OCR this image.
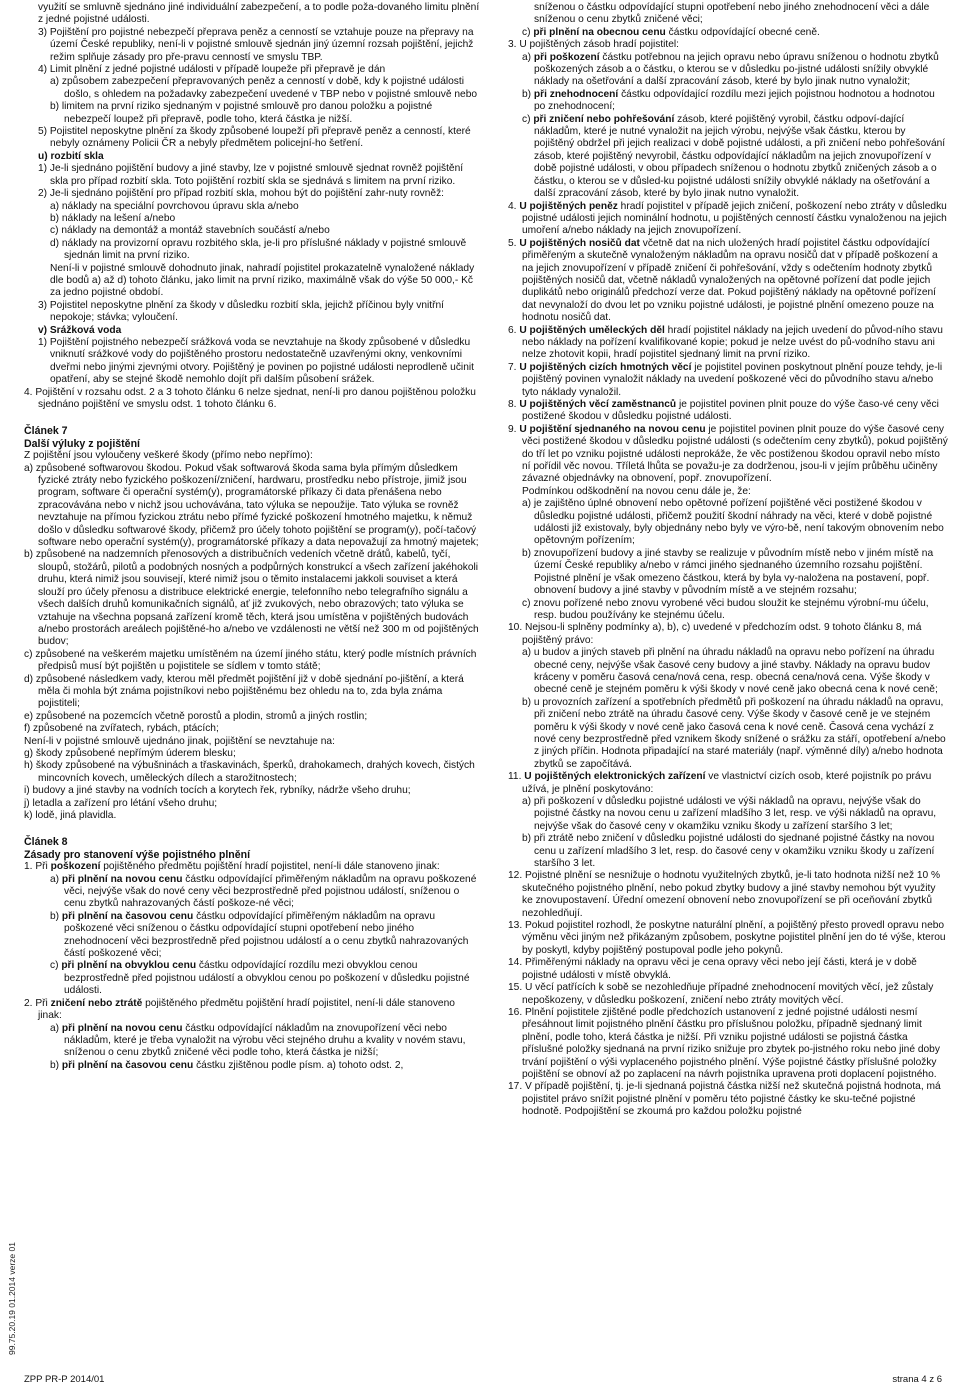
využití se smluvně sjednáno jiné individuální zabezpečení, a to podle poža-dovaného limitu plnění z jedné pojistné události.

3) Pojištění pro pojistné nebezpečí přeprava peněz a cenností se vztahuje pouze na přepravy na území České republiky, není-li v pojistné smlouvě sjednán jiný územní rozsah pojištění, jejichž režim splňuje zásady pro pře-pravu cenností ve smyslu TBP.

4) Limit plnění z jedné pojistné události v případě loupeže při přepravě je dán

a) způsobem zabezpečení přepravovaných peněz a cenností v době, kdy k pojistné události došlo, s ohledem na požadavky zabezpečení uvedené v TBP nebo v pojistné smlouvě nebo

b) limitem na první riziko sjednaným v pojistné smlouvě pro danou položku a pojistné nebezpečí loupež při přepravě, podle toho, která částka je nižší.

5) Pojistitel neposkytne plnění za škody způsobené loupeží při přepravě peněz a cenností, které nebyly oznámeny Policii ČR a nebyly předmětem policejní-ho šetření.

u) rozbití skla

1) Je-li sjednáno pojištění budovy a jiné stavby, lze v pojistné smlouvě sjednat rovněž pojištění skla pro případ rozbití skla. Toto pojištění rozbití skla se sjednává s limitem na první riziko.

2) Je-li sjednáno pojištění pro případ rozbití skla, mohou být do pojištění zahr-nuty rovněž:

a) náklady na speciální povrchovou úpravu skla a/nebo

b) náklady na lešení a/nebo

c) náklady na demontáž a montáž stavebních součástí a/nebo

d) náklady na provizorní opravu rozbitého skla, je-li pro příslušné náklady v pojistné smlouvě sjednán limit na první riziko.

Není-li v pojistné smlouvě dohodnuto jinak, nahradí pojistitel prokazatelně vynaložené náklady dle bodů a) až d) tohoto článku, jako limit na první riziko, maximálně však do výše 50 000,- Kč za jedno pojistné období.

3) Pojistitel neposkytne plnění za škody v důsledku rozbití skla, jejichž příčinou byly vnitřní nepokoje; stávka; vyloučení.

v) Srážková voda

1) Pojištění pojistného nebezpečí srážková voda se nevztahuje na škody způsobené v důsledku vniknutí srážkové vody do pojištěného prostoru nedostatečně uzavřenými okny, venkovními dveřmi nebo jinými zjevnými otvory. Pojištěný je povinen po pojistné události neprodleně učinit opatření, aby se stejné škodě nemohlo dojít při dalším působení srážek.

4. Pojištění v rozsahu odst. 2 a 3 tohoto článku 6 nelze sjednat, není-li pro danou pojištěnou položku sjednáno pojištění ve smyslu odst. 1 tohoto článku 6.

Článek 7

Další výluky z pojištění

Z pojištění jsou vyloučeny veškeré škody (přímo nebo nepřímo):

a) způsobené softwarovou škodou. Pokud však softwarová škoda sama byla přímým důsledkem fyzické ztráty nebo fyzického poškození/zničení, hardwaru, prostředku nebo přístroje, jimiž jsou program, software či operační systém(y), programátorské příkazy či data přenášena nebo zpracovávána nebo v nichž jsou uchovávána, tato výluka se nepoužije. Tato výluka se rovněž nevztahuje na přímou fyzickou ztrátu nebo přímé fyzické poškození hmotného majetku, k němuž došlo v důsledku softwarové škody, přičemž pro účely tohoto pojištění se program(y), počí-tačový software nebo operační systém(y), programátorské příkazy a data nepovažují za hmotný majetek;

b) způsobené na nadzemních přenosových a distribučních vedeních včetně drátů, kabelů, tyčí, sloupů, stožárů, pilotů a podobných nosných a podpůrných konstrukcí a všech zařízení jakéhokoli druhu, která nimiž jsou souvisejí, které nimiž jsou o těmito instalacemi jakkoli souviset a která slouží pro účely přenosu a distribuce elektrické energie, telefonního nebo telegrafního signálu a všech dalších druhů komunikačních signálů, ať již zvukových, nebo obrazových; tato výluka se vztahuje na všechna popsaná zařízení kromě těch, která jsou umístěna v pojištěných budovách a/nebo prostorách areálech pojištěné-ho a/nebo ve vzdálenosti ne větší než 300 m od pojištěných budov;

c) způsobené na veškerém majetku umístěném na území jiného státu, který podle místních právních předpisů musí být pojištěn u pojistitele se sídlem v tomto státě;

d) způsobené následkem vady, kterou měl předmět pojištění již v době sjednání po-jištění, a která měla či mohla být známa pojistníkovi nebo pojištěnému bez ohledu na to, zda byla známa pojistiteli;

e) způsobené na pozemcích včetně porostů a plodin, stromů a jiných rostlin;

f) způsobené na zvířatech, rybách, ptácích;

Není-li v pojistné smlouvě ujednáno jinak, pojištění se nevztahuje na:

g) škody způsobené nepřímým úderem blesku;

h) škody způsobené na výbušninách a třaskavinách, šperků, drahokamech, drahých kovech, čistých mincovních kovech, uměleckých dílech a starožitnostech;

i) budovy a jiné stavby na vodních tocích a korytech řek, rybníky, nádrže všeho druhu;

j) letadla a zařízení pro létání všeho druhu;

k) lodě, jiná plavidla.

Článek 8

Zásady pro stanovení výše pojistného plnění

1. Při poškození pojištěného předmětu pojištění hradí pojistitel, není-li dále stanoveno jinak:

a) při plnění na novou cenu částku odpovídající přiměřeným nákladům na opravu poškozené věci, nejvýše však do nové ceny věci bezprostředně před pojistnou událostí, sníženou o cenu zbytků nahrazovaných částí poškoze-né věci;

b) při plnění na časovou cenu částku odpovídající přiměřeným nákladům na opravu poškozené věci sníženou o částku odpovídající stupni opotřebení nebo jiného znehodnocení věci bezprostředně před pojistnou událostí a o cenu zbytků nahrazovaných částí poškozené věci;

c) při plnění na obvyklou cenu částku odpovídající rozdílu mezi obvyklou cenou bezprostředně před pojistnou událostí a obvyklou cenou po poškození v důsledku pojistné události.

2. Při zničení nebo ztrátě pojištěného předmětu pojištění hradí pojistitel, není-li dále stanoveno jinak:

a) při plnění na novou cenu částku odpovídající nákladům na znovupořízení věci nebo nákladům, které je třeba vynaložit na výrobu věci stejného druhu a kvality v novém stavu, sníženou o cenu zbytků zničené věci podle toho, která částka je nižší;

b) při plnění na časovou cenu částku zjištěnou podle písm. a) tohoto odst. 2,

sníženou o částku odpovídající stupni opotřebení nebo jiného znehodnocení věci a dále sníženou o cenu zbytků zničené věci;

c) při plnění na obecnou cenu částku odpovídající obecné ceně.

3. U pojištěných zásob hradí pojistitel:

a) při poškození částku potřebnou na jejich opravu nebo úpravu sníženou o hodnotu zbytků poškozených zásob a o částku, o kterou se v důsledku po-jistné události snížily obvyklé náklady na ošetřování a další zpracování zásob, které by bylo jinak nutno vynaložit;

b) při znehodnocení částku odpovídající rozdílu mezi jejich pojistnou hodnotou a hodnotou po znehodnocení;

c) při zničení nebo pohřešování zásob, které pojištěný vyrobil, částku odpoví-dající nákladům, které je nutné vynaložit na jejich výrobu, nejvýše však částku, kterou by pojištěný obdržel při jejich realizaci v době pojistné události, a při zničení nebo pohřešování zásob, které pojištěný nevyrobil, částku odpovídající nákladům na jejich znovupořízení v době pojistné události, v obou případech sníženou o hodnotu zbytků zničených zásob a o částku, o kterou se v důsled-ku pojistné události snížily obvyklé náklady na ošetřování a další zpracování zásob, které by bylo jinak nutno vynaložit.

4. U pojištěných peněz hradí pojistitel v případě jejich zničení, poškození nebo ztráty v důsledku pojistné události jejich nominální hodnotu, u pojištěných cenností částku vynaloženou na jejich umoření a/nebo náklady na jejich znovupořízení.

5. U pojištěných nosičů dat včetně dat na nich uložených hradí pojistitel částku odpovídající přiměřeným a skutečně vynaloženým nákladům na opravu nosičů dat v případě poškození a na jejich znovupořízení v případě zničení či pohřešování, vždy s odečtením hodnoty zbytků pojištěných nosičů dat, včetně nákladů vynaložených na opětovné pořízení dat podle jejich duplikátů nebo originálů předchozí verze dat. Pokud pojištěný náklady na opětovné pořízení dat nevynaloží do dvou let po vzniku pojistné události, je pojistné plnění omezeno pouze na hodnotu nosičů dat.

6. U pojištěných uměleckých děl hradí pojistitel náklady na jejich uvedení do původ-ního stavu nebo náklady na pořízení kvalifikované kopie; pokud je nelze uvést do pů-vodního stavu ani nelze zhotovit kopii, hradí pojistitel sjednaný limit na první riziko.

7. U pojištěných cizích hmotných věcí je pojistitel povinen poskytnout plnění pouze tehdy, je-li pojištěný povinen vynaložit náklady na uvedení poškozené věci do původního stavu a/nebo tyto náklady vynaložil.

8. U pojištěných věcí zaměstnanců je pojistitel povinen plnit pouze do výše časo-vé ceny věci postižené škodou v důsledku pojistné události.

9. U pojištění sjednaného na novou cenu je pojistitel povinen plnit pouze do výše časové ceny věci postižené škodou v důsledku pojistné události (s odečtením ceny zbytků), pokud pojištěný do tří let po vzniku pojistné události neprokáže, že věc postiženou škodou opravil nebo místo ní pořídil věc novou. Tříletá lhůta se považu-je za dodrženou, jsou-li v jejím průběhu učiněny závazné objednávky na obnovení, popř. znovupořízení.

Podmínkou odškodnění na novou cenu dále je, že:

a) je zajištěno úplné obnovení nebo opětovné pořízení pojištěné věci postižené škodou v důsledku pojistné události, přičemž použití škodní náhrady na věci, které v době pojistné události již existovaly, byly objednány nebo byly ve výro-bě, není takovým obnovením nebo opětovným pořízením;

b) znovupořízení budovy a jiné stavby se realizuje v původním místě nebo v jiném místě na území České republiky a/nebo v rámci jiného sjednaného územního rozsahu pojištění. Pojistné plnění je však omezeno částkou, která by byla vy-naložena na postavení, popř. obnovení budovy a jiné stavby v původním místě a ve stejném rozsahu;

c) znovu pořízené nebo znovu vyrobené věci budou sloužit ke stejnému výrobní-mu účelu, resp. budou používány ke stejnému účelu.

10. Nejsou-li splněny podmínky a), b), c) uvedené v předchozím odst. 9 tohoto článku 8, má pojištěný právo:

a) u budov a jiných staveb při plnění na úhradu nákladů na opravu nebo pořízení na úhradu obecné ceny, nejvýše však časové ceny budovy a jiné stavby. Náklady na opravu budov kráceny v poměru časová cena/nová cena, resp. obecná cena/nová cena. Výše škody v obecné ceně je stejném poměru k výši škody v nové ceně jako obecná cena k nové ceně;

b) u provozních zařízení a spotřebních předmětů při poškození na úhradu nákladů na opravu, při zničení nebo ztrátě na úhradu časové ceny. Výše škody v časové ceně je ve stejném poměru k výši škody v nové ceně jako časová cena k nové ceně. Časová cena vychází z nové ceny bezprostředně před vznikem škody snížené o srážku za stáří, opotřebení a/nebo z jiných příčin. Hodnota připadající na staré materiály (např. výměnné díly) a/nebo hodnota zbytků se započítává.

11. U pojištěných elektronických zařízení ve vlastnictví cizích osob, které pojistník po právu užívá, je plnění poskytováno:

a) při poškození v důsledku pojistné události ve výši nákladů na opravu, nejvýše však do pojistné částky na novou cenu u zařízení mladšího 3 let, resp. ve výši nákladů na opravu, nejvýše však do časové ceny v okamžiku vzniku škody u zařízení staršího 3 let;

b) při ztrátě nebo zničení v důsledku pojistné události do sjednané pojistné částky na novou cenu u zařízení mladšího 3 let, resp. do časové ceny v okamžiku vzniku škody u zařízení staršího 3 let.

12. Pojistné plnění se nesnižuje o hodnotu využitelných zbytků, je-li tato hodnota nižší než 10 % skutečného pojistného plnění, nebo pokud zbytky budovy a jiné stavby nemohou být využity ke znovupostavení. Úřední omezení obnovení nebo znovupořízení se při oceňování zbytků nezohledňují.

13. Pokud pojistitel rozhodl, že poskytne naturální plnění, a pojištěný přesto provedl opravu nebo výměnu věci jiným než přikázaným způsobem, poskytne pojistitel plnění jen do té výše, kterou by poskytl, kdyby pojištěný postupoval podle jeho pokynů.

14. Přiměřenými náklady na opravu věci je cena opravy věci nebo její části, která je v době pojistné události v místě obvyklá.

15. U věcí patřících k sobě se nezohledňuje případné znehodnocení movitých věcí, jež zůstaly nepoškozeny, v důsledku poškození, zničení nebo ztráty movitých věcí.

16. Plnění pojistitele zjištěné podle předchozích ustanovení z jedné pojistné události nesmí přesáhnout limit pojistného plnění částku pro příslušnou položku, případně sjednaný limit plnění, podle toho, která částka je nižší. Při vzniku pojistné události se pojistná částka příslušné položky sjednaná na první riziko snižuje pro zbytek po-jistného roku nebo jiné doby trvání pojištění o výši vyplaceného pojistného plnění. Výše pojistné částky příslušné položky pojištění se obnoví až po zaplacení na návrh pojistníka upravena proti doplacení pojistného.

17. V případě pojištění, tj. je-li sjednaná pojistná částka nižší než skutečná pojistná hodnota, má pojistitel právo snížit pojistné plnění v poměru této pojistné částky ke sku-tečné pojistné hodnotě. Podpojištění se zkoumá pro každou položku pojistné

99.75.20.19 01.2014 verze 01
ZPP PR-P 2014/01	strana 4 z 6
